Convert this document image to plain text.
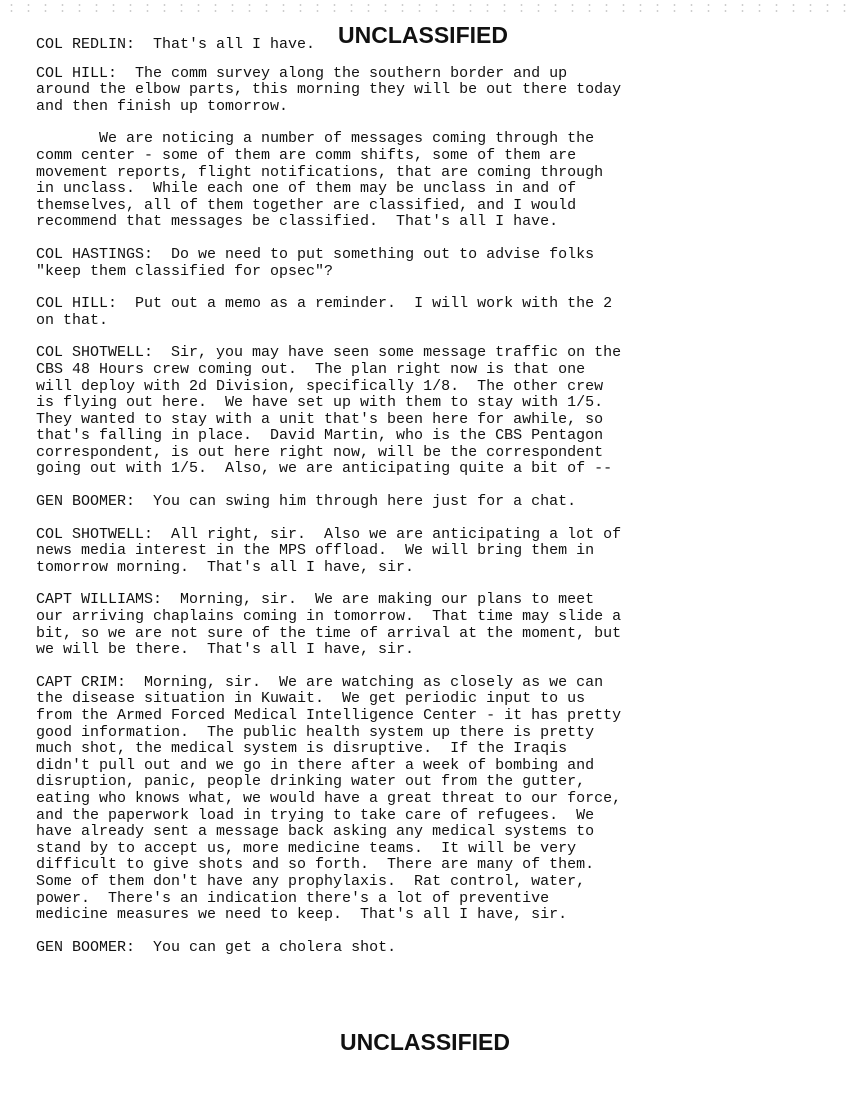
UNCLASSIFIED
COL REDLIN:  That's all I have.
COL HILL:  The comm survey along the southern border and up
around the elbow parts, this morning they will be out there today
and then finish up tomorrow.
We are noticing a number of messages coming through the
comm center - some of them are comm shifts, some of them are
movement reports, flight notifications, that are coming through
in unclass.  While each one of them may be unclass in and of
themselves, all of them together are classified, and I would
recommend that messages be classified.  That's all I have.
COL HASTINGS:  Do we need to put something out to advise folks
"keep them classified for opsec"?
COL HILL:  Put out a memo as a reminder.  I will work with the 2
on that.
COL SHOTWELL:  Sir, you may have seen some message traffic on the
CBS 48 Hours crew coming out.  The plan right now is that one
will deploy with 2d Division, specifically 1/8.  The other crew
is flying out here.  We have set up with them to stay with 1/5.
They wanted to stay with a unit that's been here for awhile, so
that's falling in place.  David Martin, who is the CBS Pentagon
correspondent, is out here right now, will be the correspondent
going out with 1/5.  Also, we are anticipating quite a bit of --
GEN BOOMER:  You can swing him through here just for a chat.
COL SHOTWELL:  All right, sir.  Also we are anticipating a lot of
news media interest in the MPS offload.  We will bring them in
tomorrow morning.  That's all I have, sir.
CAPT WILLIAMS:  Morning, sir.  We are making our plans to meet
our arriving chaplains coming in tomorrow.  That time may slide a
bit, so we are not sure of the time of arrival at the moment, but
we will be there.  That's all I have, sir.
CAPT CRIM:  Morning, sir.  We are watching as closely as we can
the disease situation in Kuwait.  We get periodic input to us
from the Armed Forced Medical Intelligence Center - it has pretty
good information.  The public health system up there is pretty
much shot, the medical system is disruptive.  If the Iraqis
didn't pull out and we go in there after a week of bombing and
disruption, panic, people drinking water out from the gutter,
eating who knows what, we would have a great threat to our force,
and the paperwork load in trying to take care of refugees.  We
have already sent a message back asking any medical systems to
stand by to accept us, more medicine teams.  It will be very
difficult to give shots and so forth.  There are many of them.
Some of them don't have any prophylaxis.  Rat control, water,
power.  There's an indication there's a lot of preventive
medicine measures we need to keep.  That's all I have, sir.
GEN BOOMER:  You can get a cholera shot.
UNCLASSIFIED
